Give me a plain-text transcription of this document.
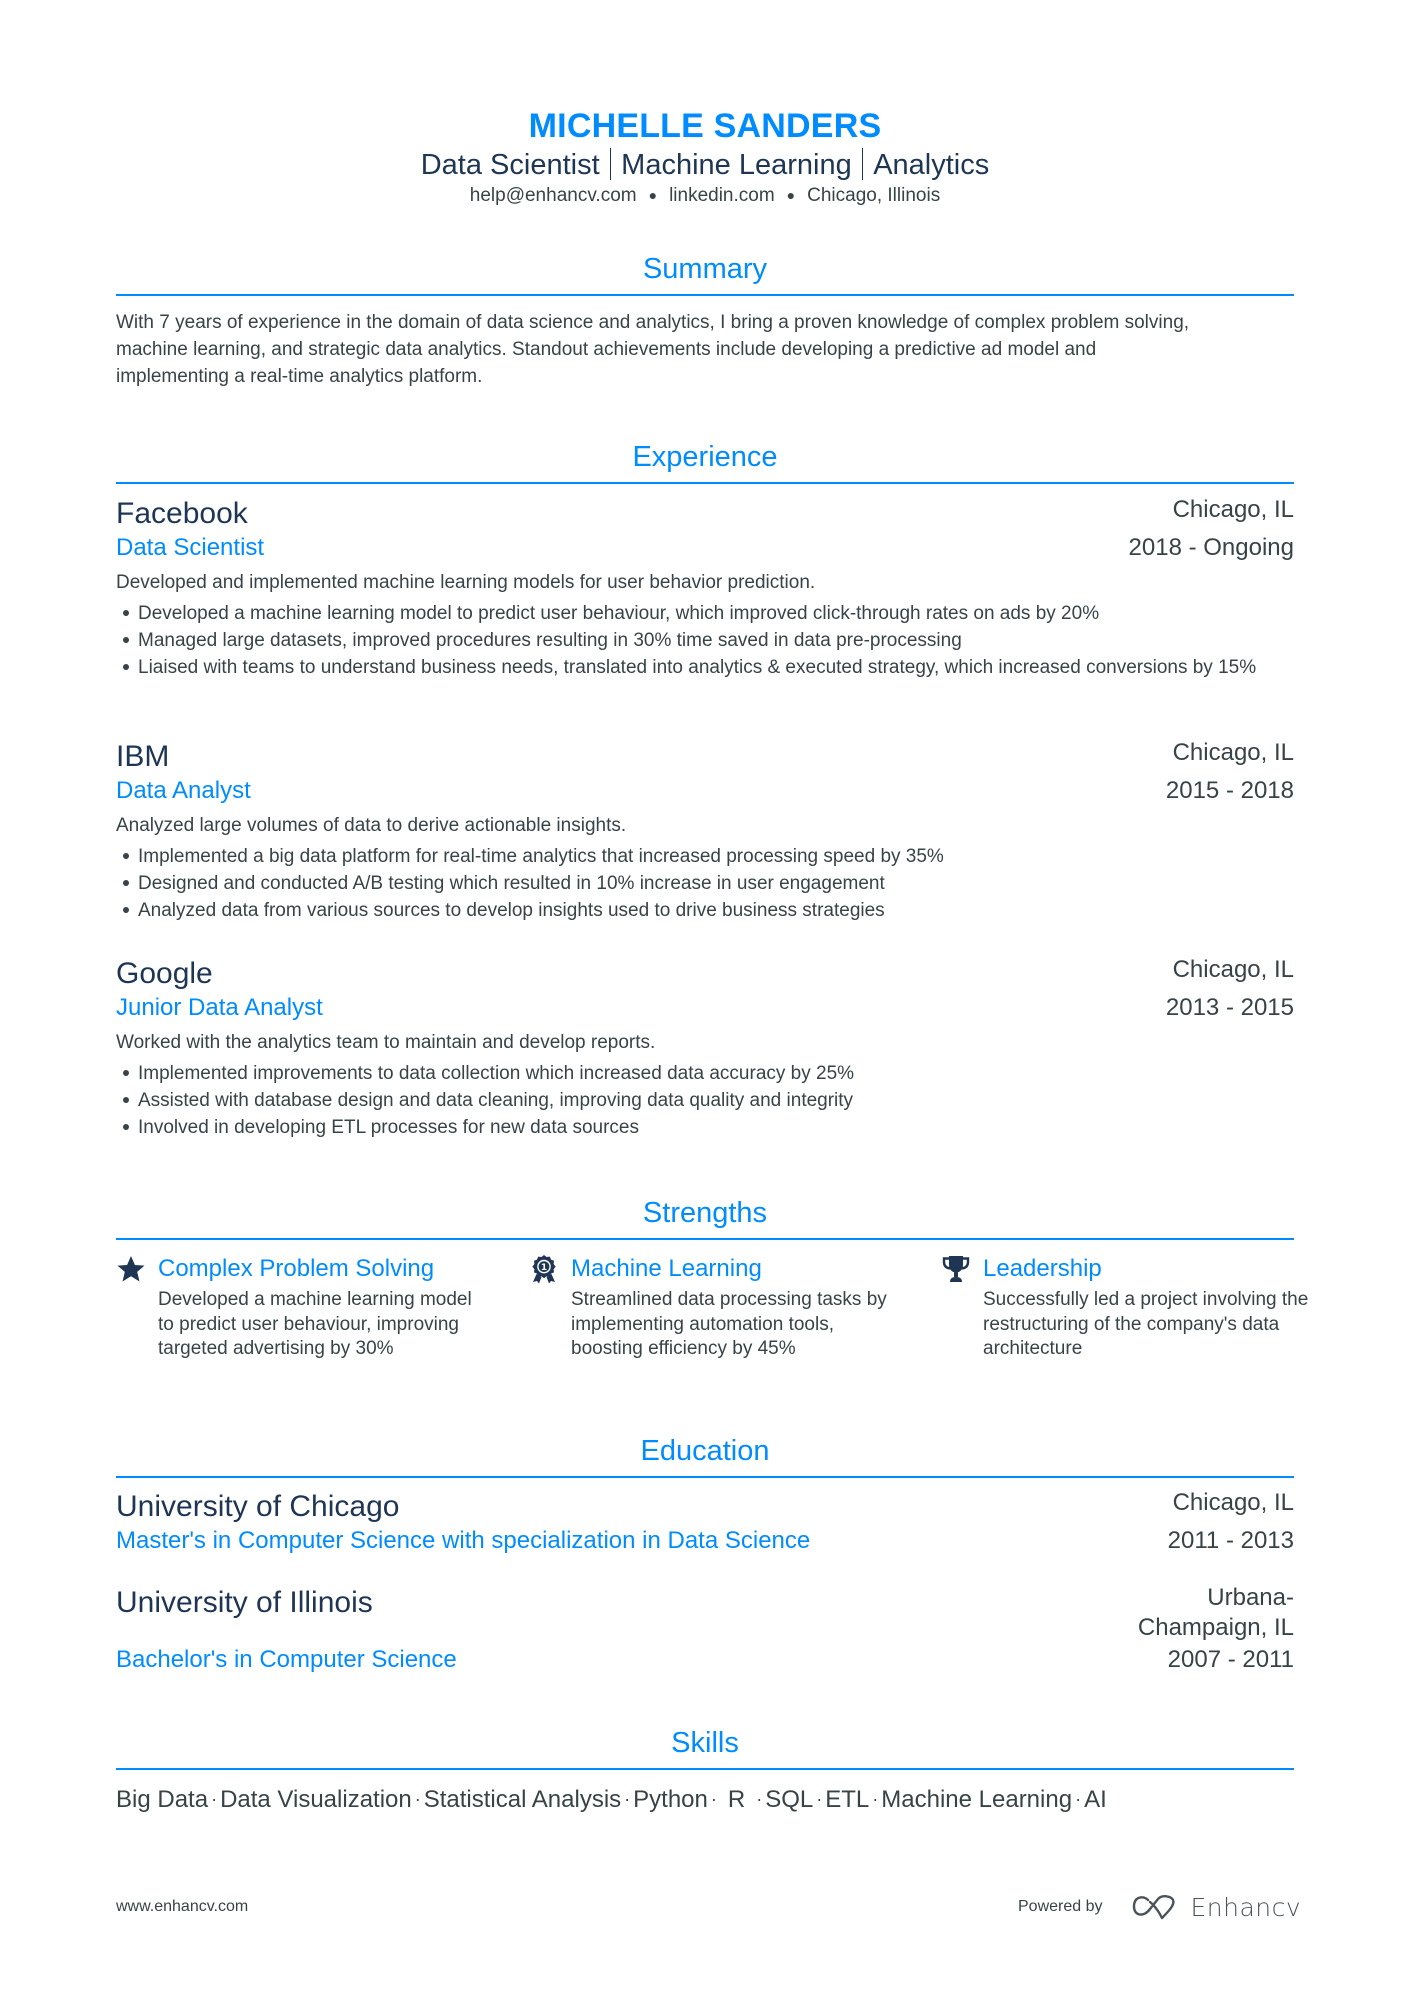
MICHELLE SANDERS
Data Scientist Machine Learning Analytics
help@enhancv.com ● linkedin.com ● Chicago, Illinois
Summary
With 7 years of experience in the domain of data science and analytics, I bring a proven knowledge of complex problem solving,
machine learning, and strategic data analytics. Standout achievements include developing a predictive ad model and
implementing a real-time analytics platform.
Experience
Facebook	Chicago, IL
Data Scientist	2018 - Ongoing
Developed and implemented machine learning models for user behavior prediction.
Developed a machine learning model to predict user behaviour, which improved click-through rates on ads by 20%
Managed large datasets, improved procedures resulting in 30% time saved in data pre-processing
Liaised with teams to understand business needs, translated into analytics & executed strategy, which increased conversions by 15%
IBM	Chicago, IL
Data Analyst	2015 - 2018
Analyzed large volumes of data to derive actionable insights.
Implemented a big data platform for real-time analytics that increased processing speed by 35%
Designed and conducted A/B testing which resulted in 10% increase in user engagement
Analyzed data from various sources to develop insights used to drive business strategies
Google	Chicago, IL
Junior Data Analyst	2013 - 2015
Worked with the analytics team to maintain and develop reports.
Implemented improvements to data collection which increased data accuracy by 25%
Assisted with database design and data cleaning, improving data quality and integrity
Involved in developing ETL processes for new data sources
Strengths
Complex Problem Solving
Developed a machine learning model to predict user behaviour, improving targeted advertising by 30%
1 Machine Learning
Streamlined data processing tasks by implementing automation tools, boosting efficiency by 45%
Leadership
Successfully led a project involving the restructuring of the company's data architecture
Education
University of Chicago	Chicago, IL
Master's in Computer Science with specialization in Data Science	2011 - 2013
University of Illinois	Urbana-
Champaign, IL
Bachelor's in Computer Science	2007 - 2011
Skills
Big Data · Data Visualization · Statistical Analysis · Python · R · SQL · ETL · Machine Learning · AI
www.enhancv.com	Powered by	Enhancv
